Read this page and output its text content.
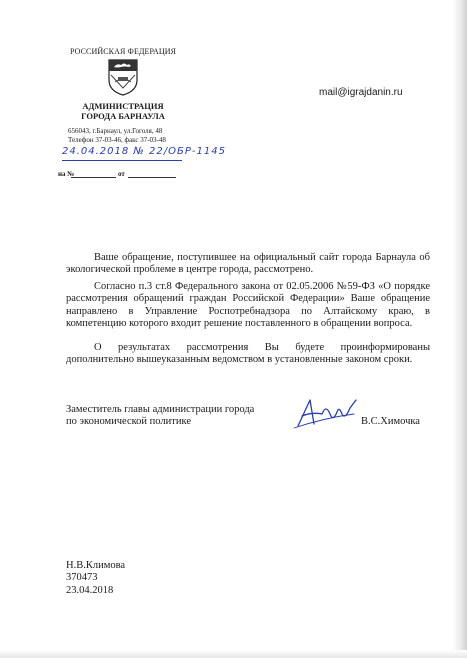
РОССИЙСКАЯ ФЕДЕРАЦИЯ
АДМИНИСТРАЦИЯ
ГОРОДА БАРНАУЛА
656043, г.Барнаул, ул.Гоголя, 48
Телефон 37-03-46, факс 37-03-48
24.04.2018 № 22/ОБР-1145
на №	от
mail@igrajdanin.ru
Ваше обращение, поступившее на официальный сайт города Барнаула об экологической проблеме в центре города, рассмотрено.
Согласно п.3 ст.8 Федерального закона от 02.05.2006 №59-ФЗ «О порядке рассмотрения обращений граждан Российской Федерации» Ваше обращение направлено в Управление Роспотребнадзора по Алтайскому краю, в компетенцию которого входит решение поставленного в обращении вопроса.
О результатах рассмотрения Вы будете проинформированы дополнительно вышеуказанным ведомством в установленные законом сроки.
Заместитель главы администрации города
по экономической политике	В.С.Химочка
Н.В.Климова
370473
23.04.2018
